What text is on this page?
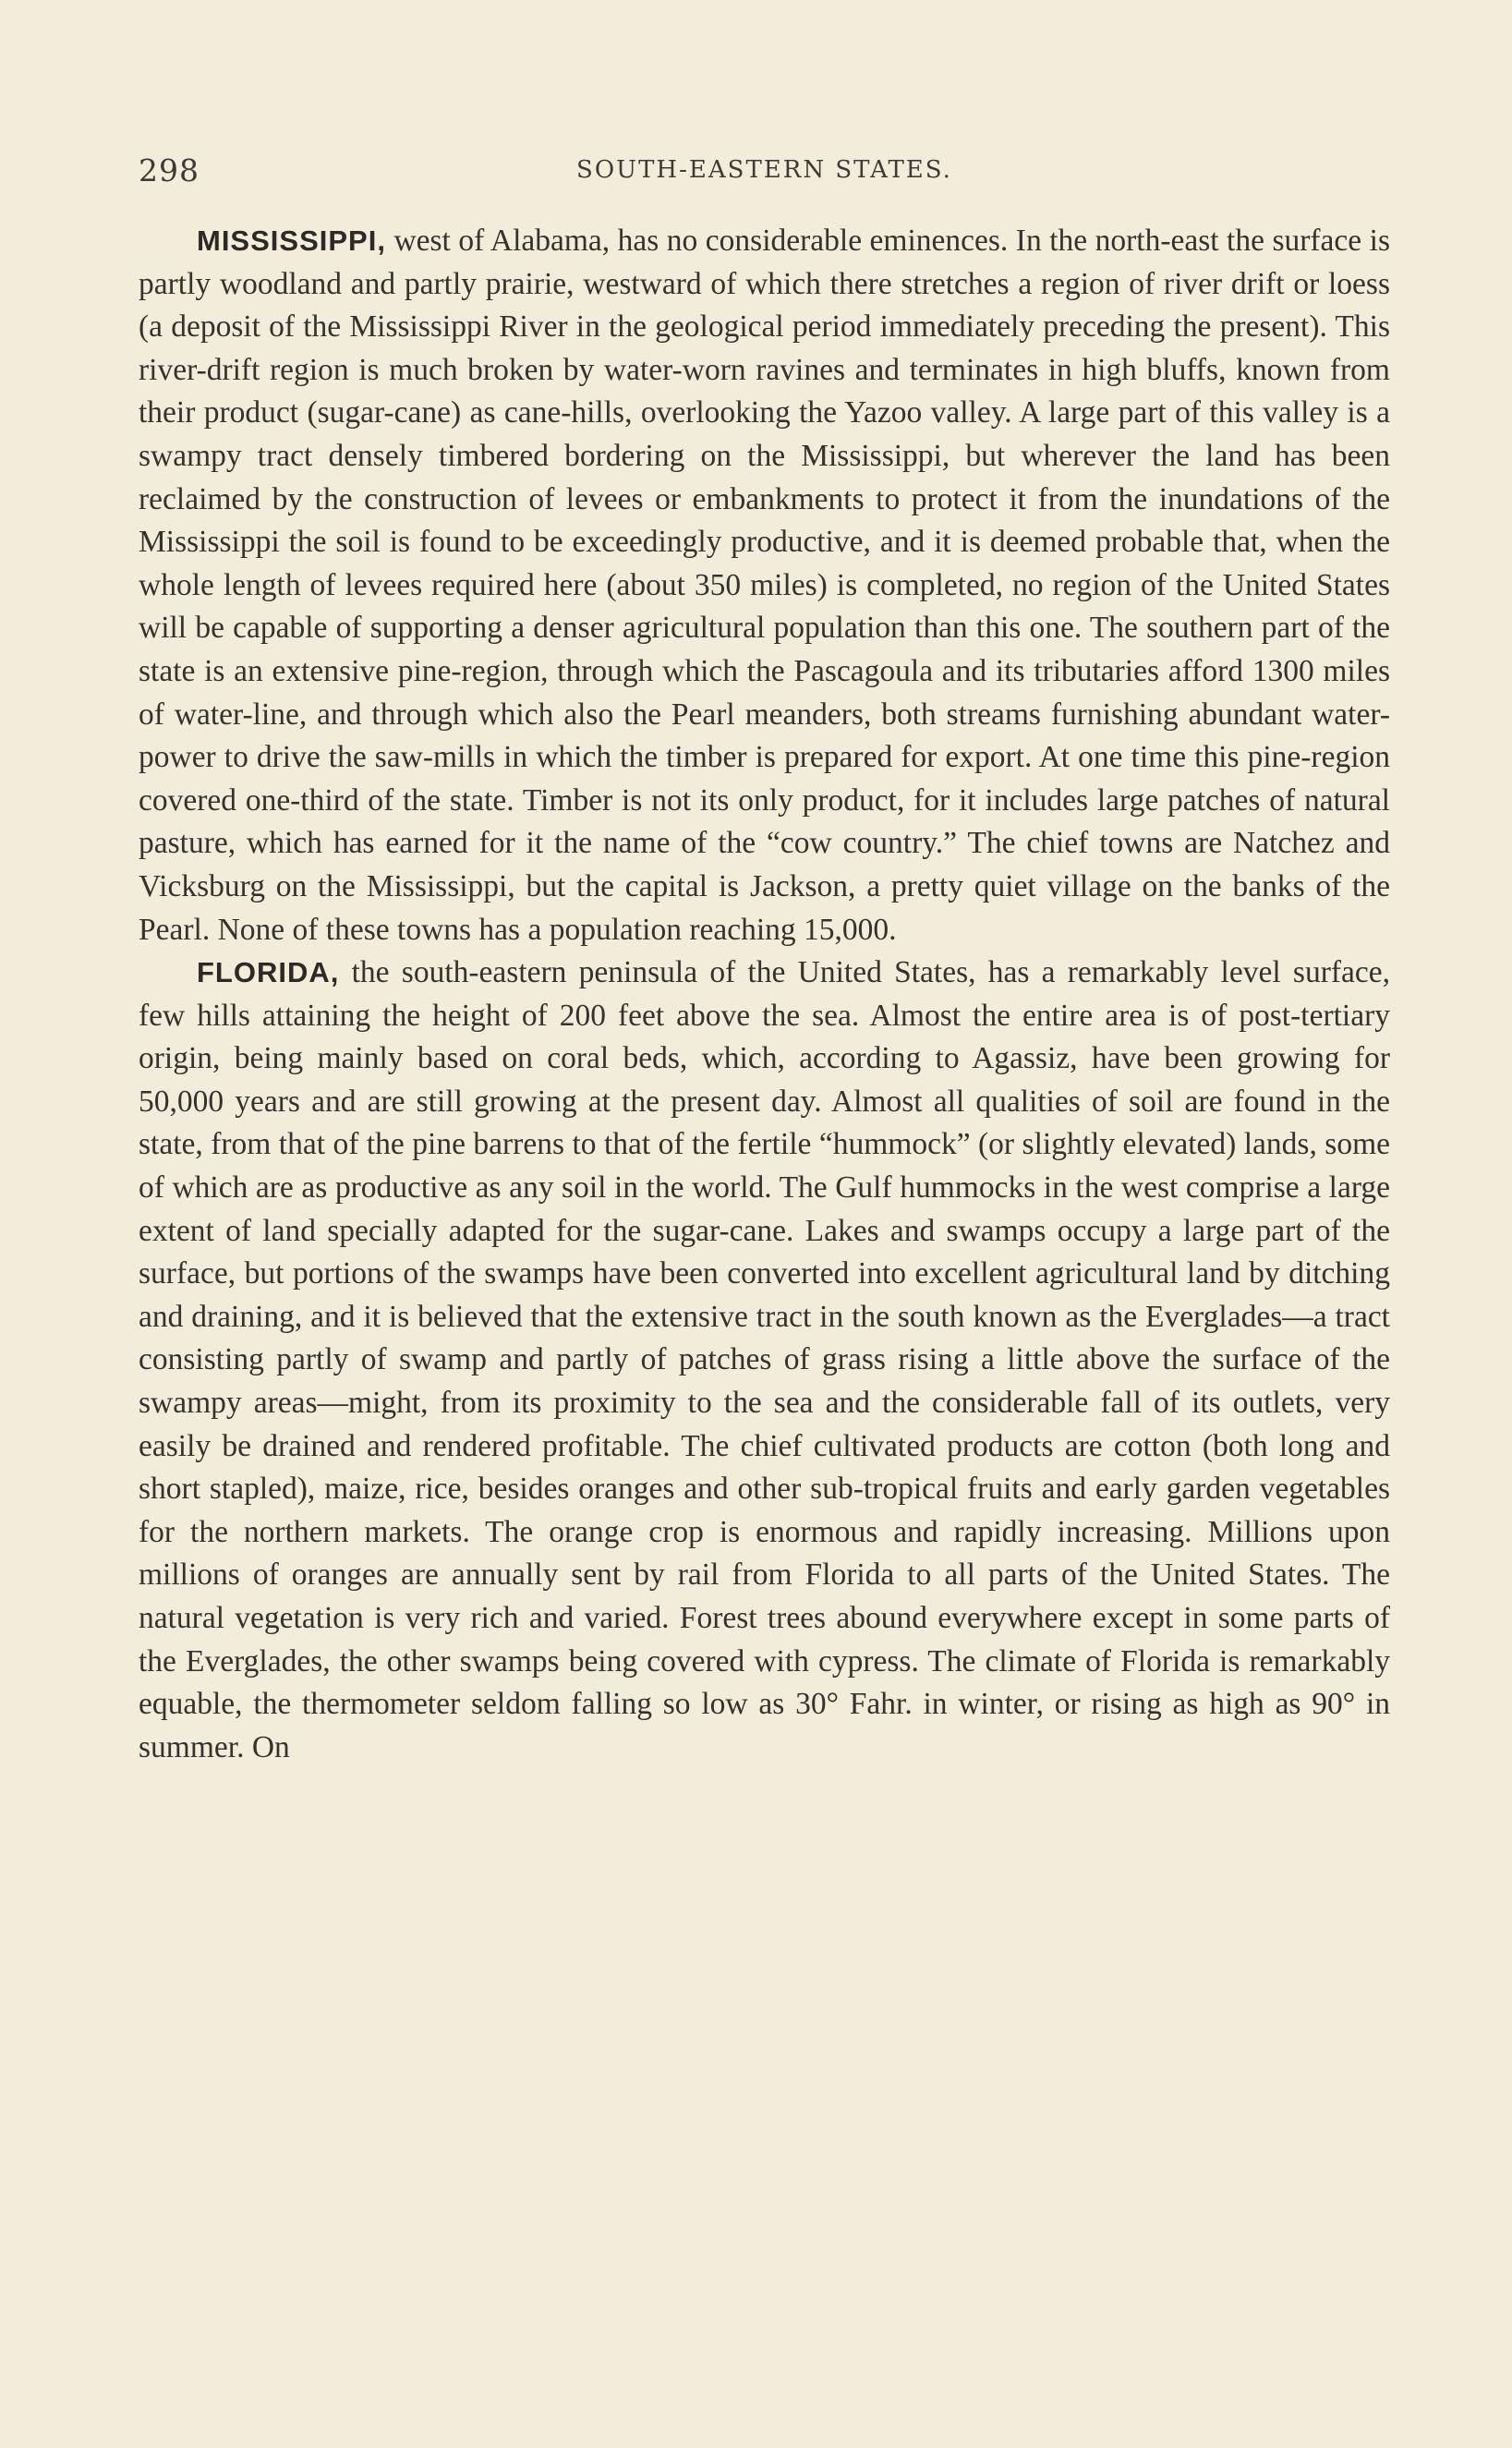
298	SOUTH-EASTERN STATES.

MISSISSIPPI, west of Alabama, has no considerable eminences. In the north-east the surface is partly woodland and partly prairie, westward of which there stretches a region of river drift or loess (a deposit of the Mississippi River in the geological period immediately preceding the present). This river-drift region is much broken by water-worn ravines and terminates in high bluffs, known from their product (sugar-cane) as cane-hills, overlooking the Yazoo valley. A large part of this valley is a swampy tract densely timbered bordering on the Mississippi, but wherever the land has been reclaimed by the construction of levees or embankments to protect it from the inundations of the Mississippi the soil is found to be exceedingly productive, and it is deemed probable that, when the whole length of levees required here (about 350 miles) is completed, no region of the United States will be capable of supporting a denser agricultural population than this one. The southern part of the state is an extensive pine-region, through which the Pascagoula and its tributaries afford 1300 miles of water-line, and through which also the Pearl meanders, both streams furnishing abundant water-power to drive the saw-mills in which the timber is prepared for export. At one time this pine-region covered one-third of the state. Timber is not its only product, for it includes large patches of natural pasture, which has earned for it the name of the “cow country.” The chief towns are Natchez and Vicksburg on the Mississippi, but the capital is Jackson, a pretty quiet village on the banks of the Pearl. None of these towns has a population reaching 15,000.

FLORIDA, the south-eastern peninsula of the United States, has a remarkably level surface, few hills attaining the height of 200 feet above the sea. Almost the entire area is of post-tertiary origin, being mainly based on coral beds, which, according to Agassiz, have been growing for 50,000 years and are still growing at the present day. Almost all qualities of soil are found in the state, from that of the pine barrens to that of the fertile “hummock” (or slightly elevated) lands, some of which are as productive as any soil in the world. The Gulf hummocks in the west comprise a large extent of land specially adapted for the sugar-cane. Lakes and swamps occupy a large part of the surface, but portions of the swamps have been converted into excellent agricultural land by ditching and draining, and it is believed that the extensive tract in the south known as the Everglades—a tract consisting partly of swamp and partly of patches of grass rising a little above the surface of the swampy areas—might, from its proximity to the sea and the considerable fall of its outlets, very easily be drained and rendered profitable. The chief cultivated products are cotton (both long and short stapled), maize, rice, besides oranges and other sub-tropical fruits and early garden vegetables for the northern markets. The orange crop is enormous and rapidly increasing. Millions upon millions of oranges are annually sent by rail from Florida to all parts of the United States. The natural vegetation is very rich and varied. Forest trees abound everywhere except in some parts of the Everglades, the other swamps being covered with cypress. The climate of Florida is remarkably equable, the thermometer seldom falling so low as 30° Fahr. in winter, or rising as high as 90° in summer. On
